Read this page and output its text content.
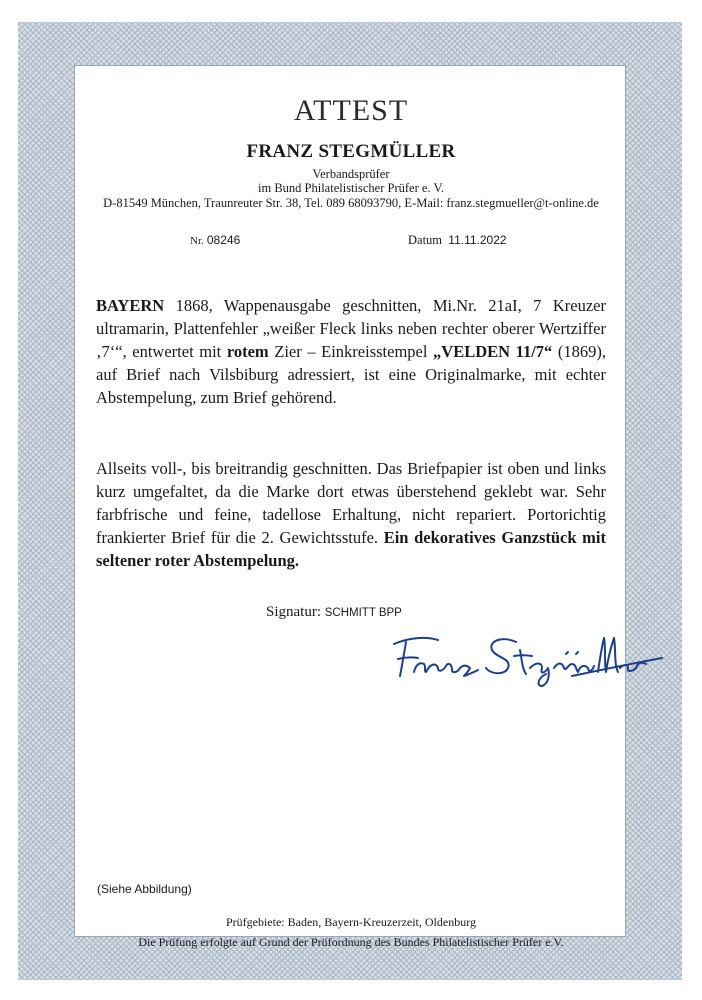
ATTEST
FRANZ STEGMÜLLER
Verbandsprüfer
im Bund Philatelistischer Prüfer e. V.
D-81549 München, Traunreuter Str. 38, Tel. 089 68093790, E-Mail: franz.stegmueller@t-online.de
Nr. 08246	Datum 11.11.2022
BAYERN 1868, Wappenausgabe geschnitten, Mi.Nr. 21aI, 7 Kreuzer ultramarin, Plattenfehler „weißer Fleck links neben rechter oberer Wertziffer ‚7‘“, entwertet mit rotem Zier – Einkreisstempel „VELDEN 11/7“ (1869), auf Brief nach Vilsbiburg adressiert, ist eine Originalmarke, mit echter Abstempelung, zum Brief gehörend.
Allseits voll-, bis breitrandig geschnitten. Das Briefpapier ist oben und links kurz umgefaltet, da die Marke dort etwas überstehend geklebt war. Sehr farbfrische und feine, tadellose Erhaltung, nicht repariert. Portorichtig frankierter Brief für die 2. Gewichtsstufe. Ein dekoratives Ganzstück mit seltener roter Abstempelung.
Signatur: SCHMITT BPP
(Siehe Abbildung)
Prüfgebiete: Baden, Bayern-Kreuzerzeit, Oldenburg
Die Prüfung erfolgte auf Grund der Prüfordnung des Bundes Philatelistischer Prüfer e.V.
